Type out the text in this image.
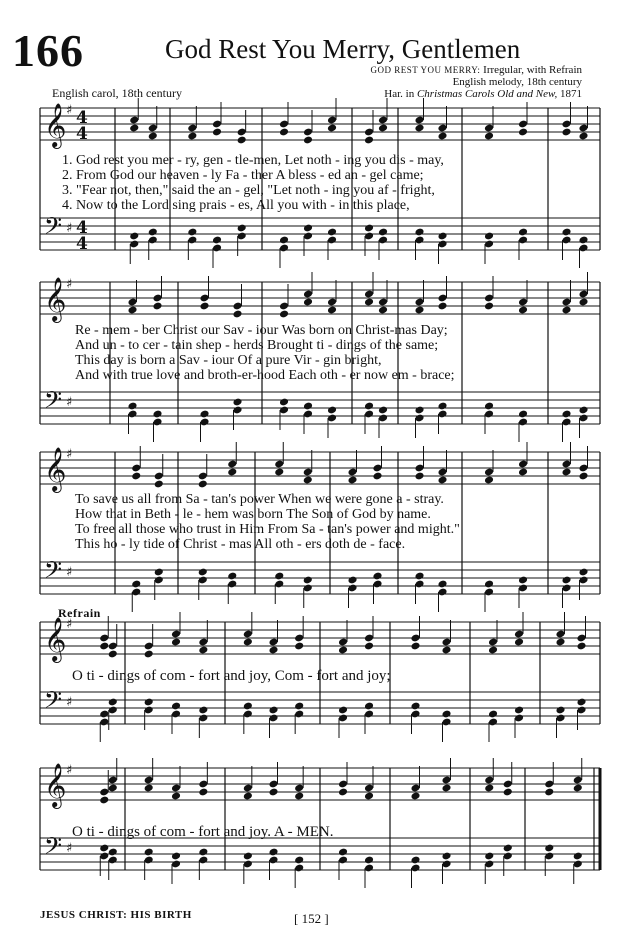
166	God Rest You Merry, Gentlemen
GOD REST YOU MERRY: Irregular, with Refrain
English melody, 18th century
Har. in Christmas Carols Old and New, 1871
English carol, 18th century
𝄞 ♯ 4
4
𝄢 ♯ 4
4
𝄞 ♯
𝄢 ♯
𝄞 ♯
𝄢 ♯
𝄞 ♯
𝄢 ♯
𝄞 ♯
𝄢 ♯
1. God rest you mer - ry, gen - tle-men, Let noth - ing you dis - may,
2. From God our heaven - ly Fa - ther A bless - ed an - gel came;
3. "Fear not, then," said the an - gel, "Let noth - ing you af - fright,
4. Now to the Lord sing prais - es, All you with - in this place,
Re - mem - ber Christ our Sav - iour Was born on Christ-mas Day;
And un - to cer - tain shep - herds Brought ti - dings of the same;
This day is born a Sav - iour Of a pure Vir - gin bright,
And with true love and broth-er-hood Each oth - er now em - brace;
To save us all from Sa - tan's power When we were gone a - stray.
How that in Beth - le - hem was born The Son of God by name.
To free all those who trust in Him From Sa - tan's power and might."
This ho - ly tide of Christ - mas All oth - ers doth de - face.
Refrain
O ti - dings of com - fort and joy, Com - fort and joy;
O ti - dings of com - fort and joy. A - MEN.
JESUS CHRIST: HIS BIRTH	[ 152 ]
